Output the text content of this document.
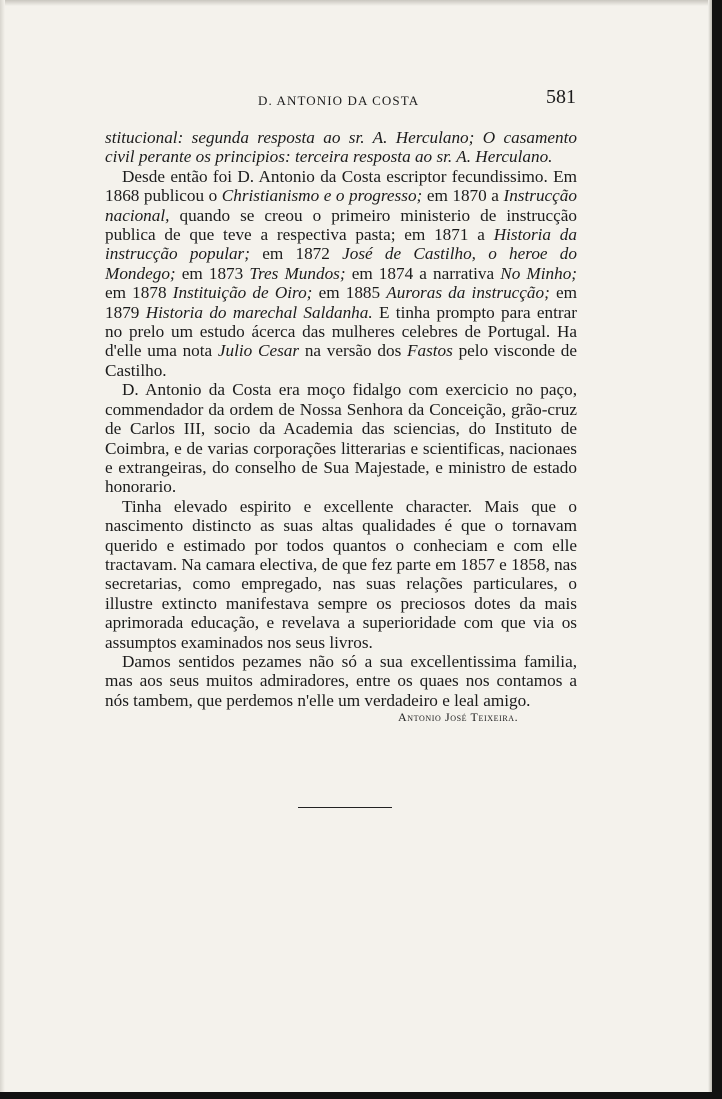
D. ANTONIO DA COSTA	581

stitucional: segunda resposta ao sr. A. Herculano; O casamento civil perante os principios: terceira resposta ao sr. A. Herculano.

Desde então foi D. Antonio da Costa escriptor fecundissimo. Em 1868 publicou o Christianismo e o progresso; em 1870 a Instrucção nacional, quando se creou o primeiro ministerio de instrucção publica de que teve a respectiva pasta; em 1871 a Historia da instrucção popular; em 1872 José de Castilho, o heroe do Mondego; em 1873 Tres Mundos; em 1874 a narrativa No Minho; em 1878 Instituição de Oiro; em 1885 Auroras da instrucção; em 1879 Historia do marechal Saldanha. E tinha prompto para entrar no prelo um estudo ácerca das mulheres celebres de Portugal. Ha d'elle uma nota Julio Cesar na versão dos Fastos pelo visconde de Castilho.

D. Antonio da Costa era moço fidalgo com exercicio no paço, commendador da ordem de Nossa Senhora da Conceição, grão-cruz de Carlos III, socio da Academia das sciencias, do Instituto de Coimbra, e de varias corporações litterarias e scientificas, nacionaes e extrangeiras, do conselho de Sua Majestade, e ministro de estado honorario.

Tinha elevado espirito e excellente character. Mais que o nascimento distincto as suas altas qualidades é que o tornavam querido e estimado por todos quantos o conheciam e com elle tractavam. Na camara electiva, de que fez parte em 1857 e 1858, nas secretarias, como empregado, nas suas relações particulares, o illustre extincto manifestava sempre os preciosos dotes da mais aprimorada educação, e revelava a superioridade com que via os assumptos examinados nos seus livros.

Damos sentidos pezames não só a sua excellentissima familia, mas aos seus muitos admiradores, entre os quaes nos contamos a nós tambem, que perdemos n'elle um verdadeiro e leal amigo.

Antonio José Teixeira.
